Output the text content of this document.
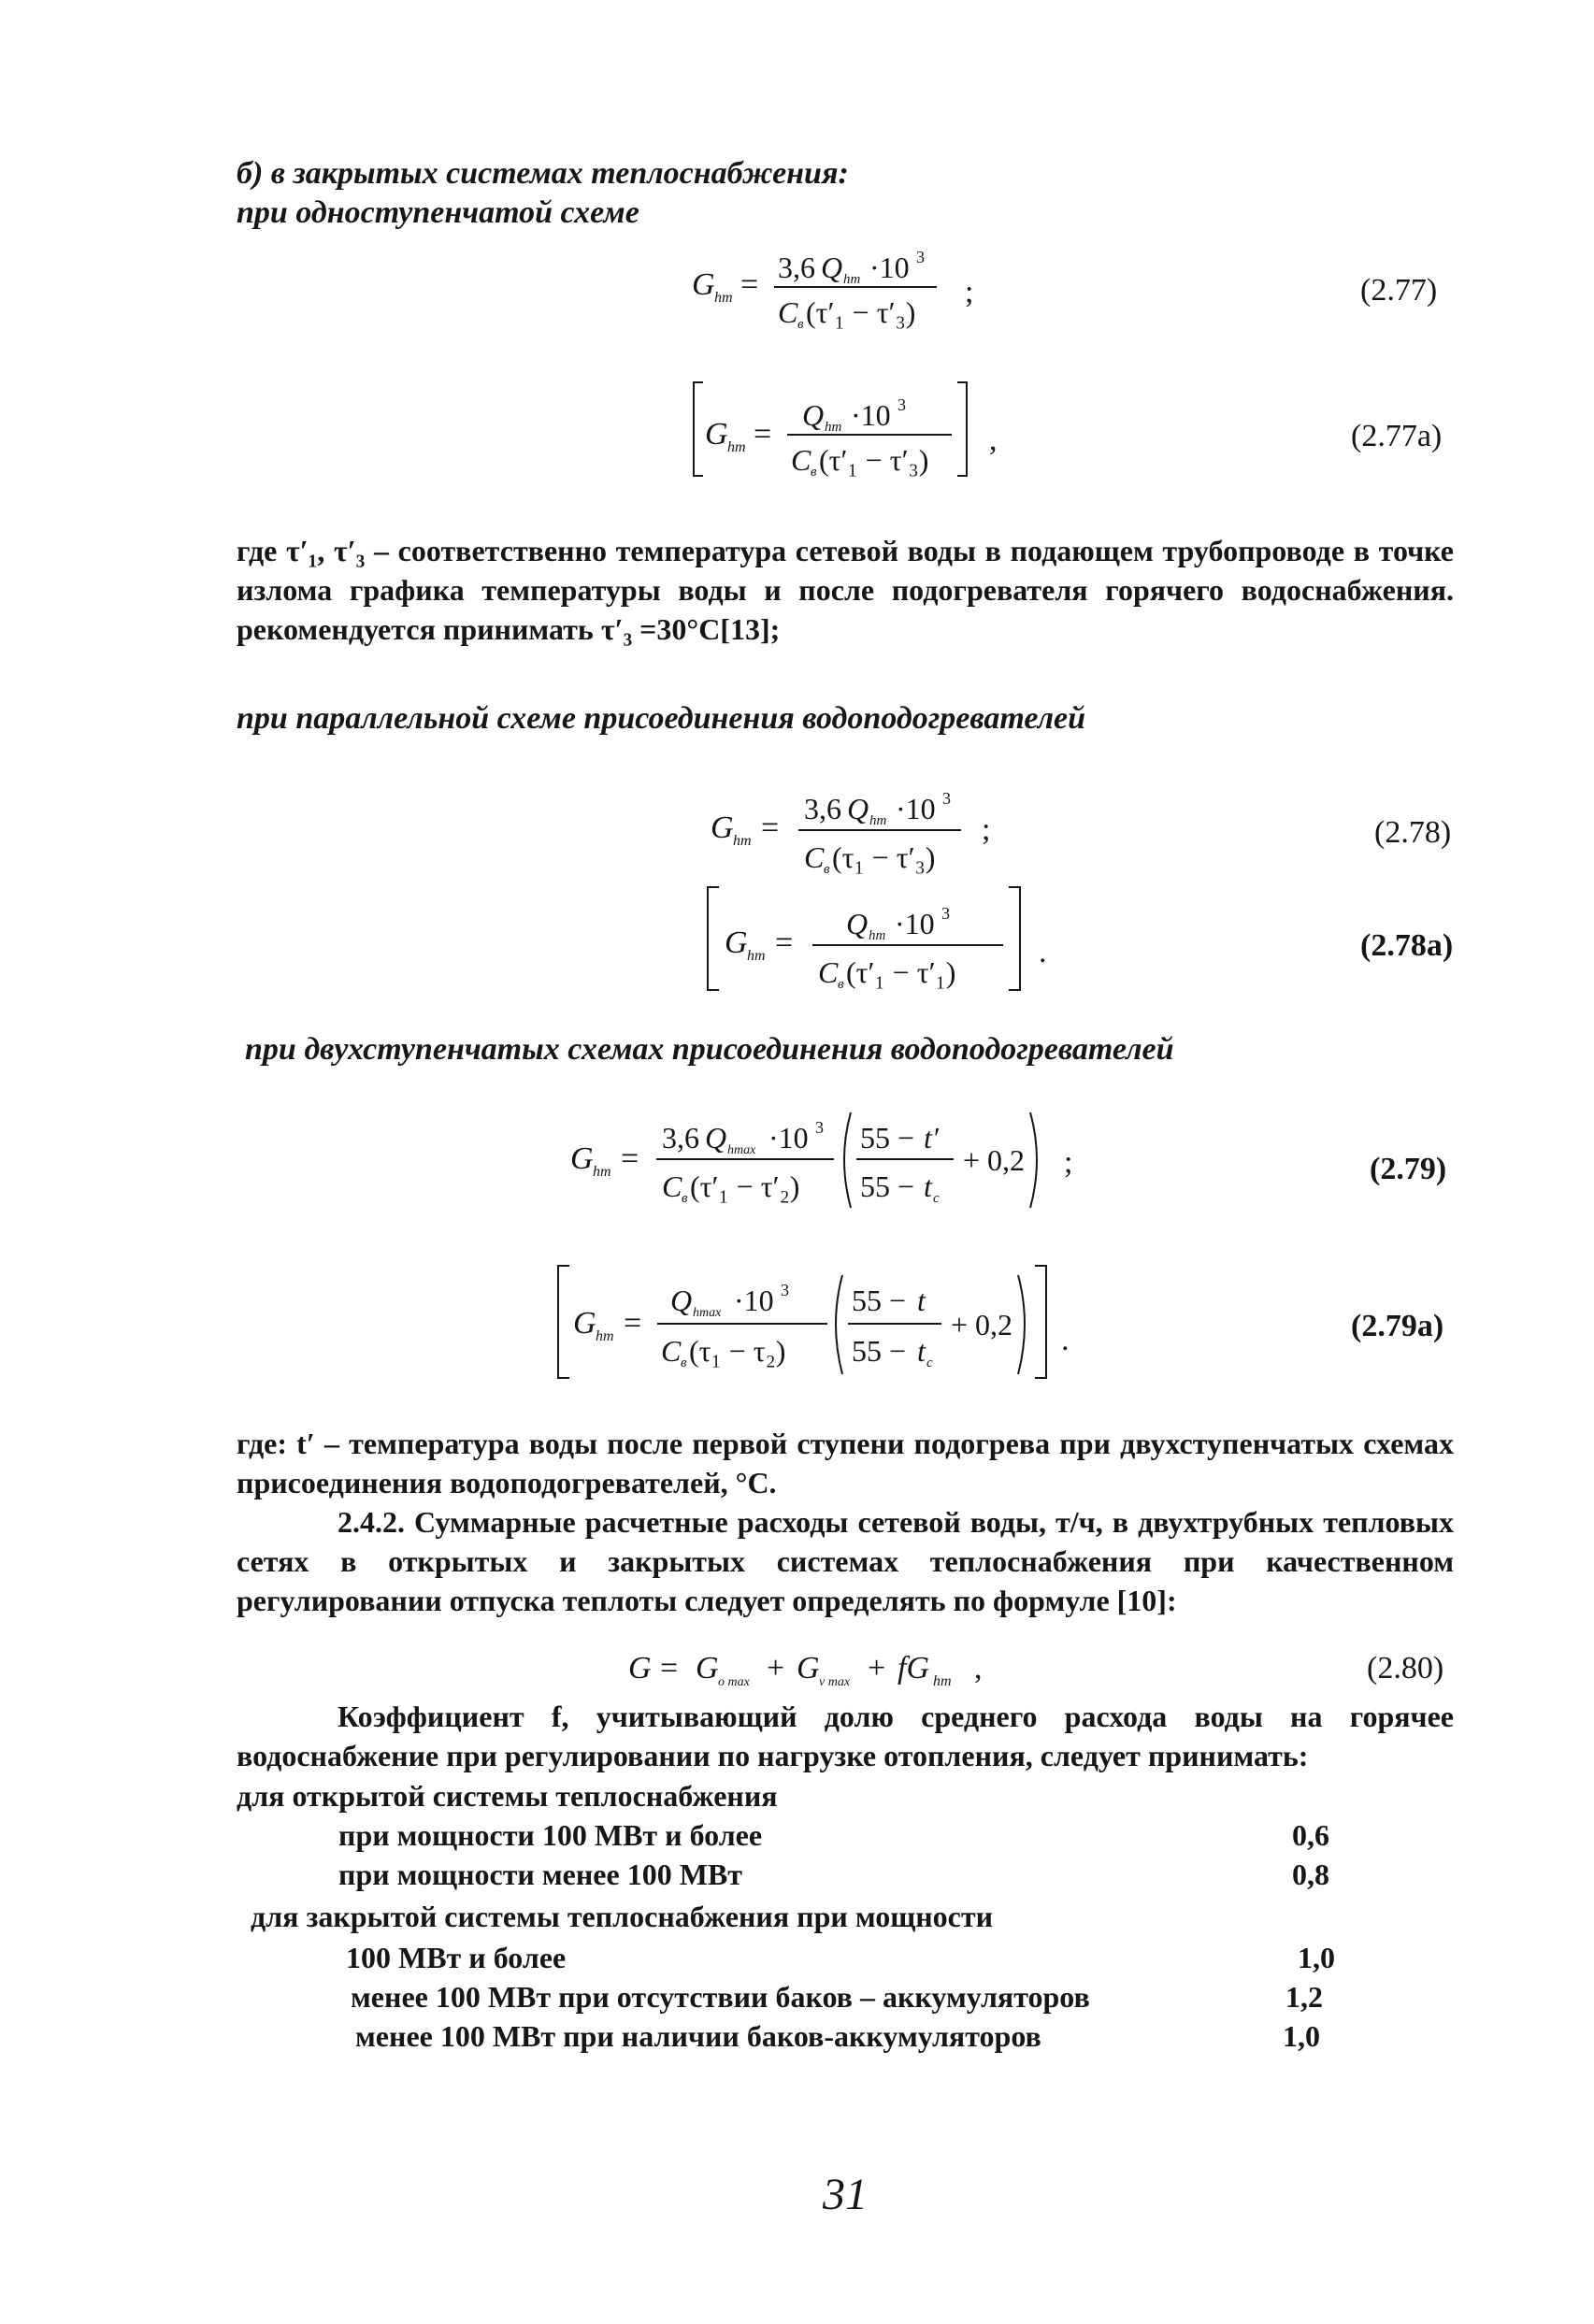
б) в закрытых системах теплоснабжения:
при одноступенчатой схеме
G hm = 3,6 Q hm ·10 3
C в (τ′₁ − τ′₃)
;	(2.77)
G hm =
Q hm ·10 3
C в (τ′₁ − τ′₃)
,	(2.77a)
где τ′₁, τ′₃ – соответственно температура сетевой воды в подающем трубопроводе в точке излома графика температуры воды и после подогревателя горячего водоснабжения. рекомендуется принимать τ′₃ =30°C[13];
при параллельной схеме присоединения водоподогревателей
G hm =
3,6 Q hm ·10 3
C в (τ₁ − τ′₃)
;	(2.78)
G hm =
Q hm ·10 3
C в (τ′₁ − τ′₁)
.	(2.78a)
при двухступенчатых схемах присоединения водоподогревателей
G hm =
3,6 Q hmax ·10 3
C в (τ′₁ − τ′₂)
55 − t′
55 − t c
+ 0,2 ;	(2.79)
G hm =
Q hmax ·10 3
C в (τ₁ − τ₂)
55 − t
55 − t c
+ 0,2 .	(2.79a)
где: t′ – температура воды после первой ступени подогрева при двухступенчатых схемах присоединения водоподогревателей, °С.
2.4.2. Суммарные расчетные расходы сетевой воды, т/ч, в двухтрубных тепловых сетях в открытых и закрытых системах теплоснабжения при качественном регулировании отпуска теплоты следует определять по формуле [10]:
G = G o max + G v max + fG hm ,	(2.80)
Коэффициент f, учитывающий долю среднего расхода воды на горячее водоснабжение при регулировании по нагрузке отопления, следует принимать:
для открытой системы теплоснабжения
при мощности 100 МВт и более	0,6
при мощности менее 100 МВт	0,8
для закрытой системы теплоснабжения при мощности
100 МВт и более	1,0
менее 100 МВт при отсутствии баков – аккумуляторов	1,2
менее 100 МВт при наличии баков-аккумуляторов	1,0
31
